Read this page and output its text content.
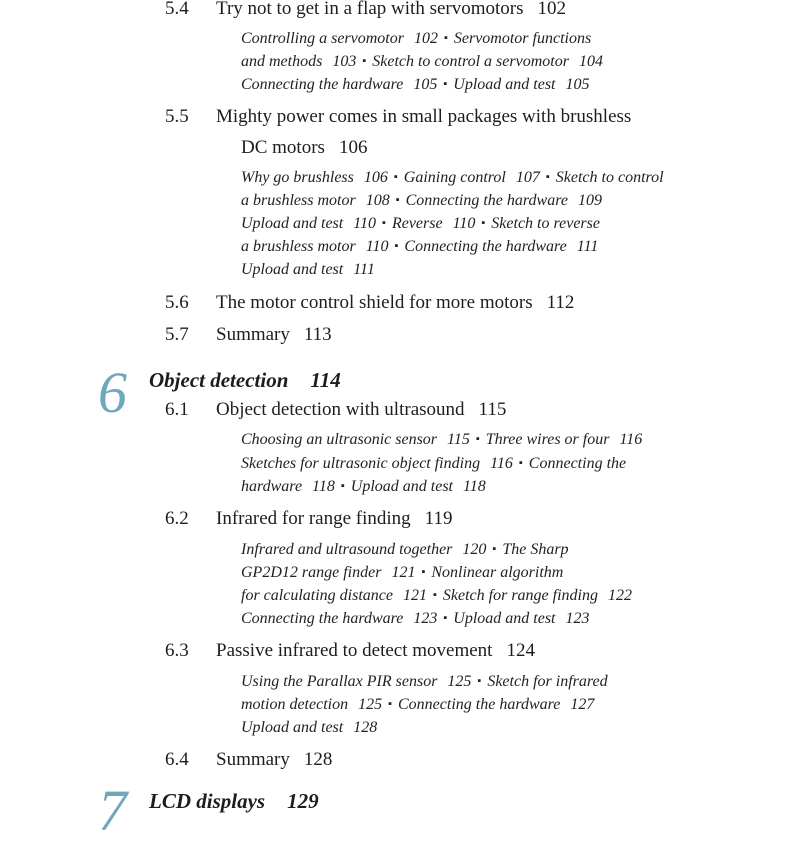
5.4 Try not to get in a flap with servomotors 102
Controlling a servomotor 102 ▪ Servomotor functions
and methods 103 ▪ Sketch to control a servomotor 104
Connecting the hardware 105 ▪ Upload and test 105
5.5 Mighty power comes in small packages with brushless
DC motors 106
Why go brushless 106 ▪ Gaining control 107 ▪ Sketch to control
a brushless motor 108 ▪ Connecting the hardware 109
Upload and test 110 ▪ Reverse 110 ▪ Sketch to reverse
a brushless motor 110 ▪ Connecting the hardware 111
Upload and test 111
5.6 The motor control shield for more motors 112
5.7 Summary 113
6 Object detection 114
6.1 Object detection with ultrasound 115
Choosing an ultrasonic sensor 115 ▪ Three wires or four 116
Sketches for ultrasonic object finding 116 ▪ Connecting the
hardware 118 ▪ Upload and test 118
6.2 Infrared for range finding 119
Infrared and ultrasound together 120 ▪ The Sharp
GP2D12 range finder 121 ▪ Nonlinear algorithm
for calculating distance 121 ▪ Sketch for range finding 122
Connecting the hardware 123 ▪ Upload and test 123
6.3 Passive infrared to detect movement 124
Using the Parallax PIR sensor 125 ▪ Sketch for infrared
motion detection 125 ▪ Connecting the hardware 127
Upload and test 128
6.4 Summary 128
7 LCD displays 129
